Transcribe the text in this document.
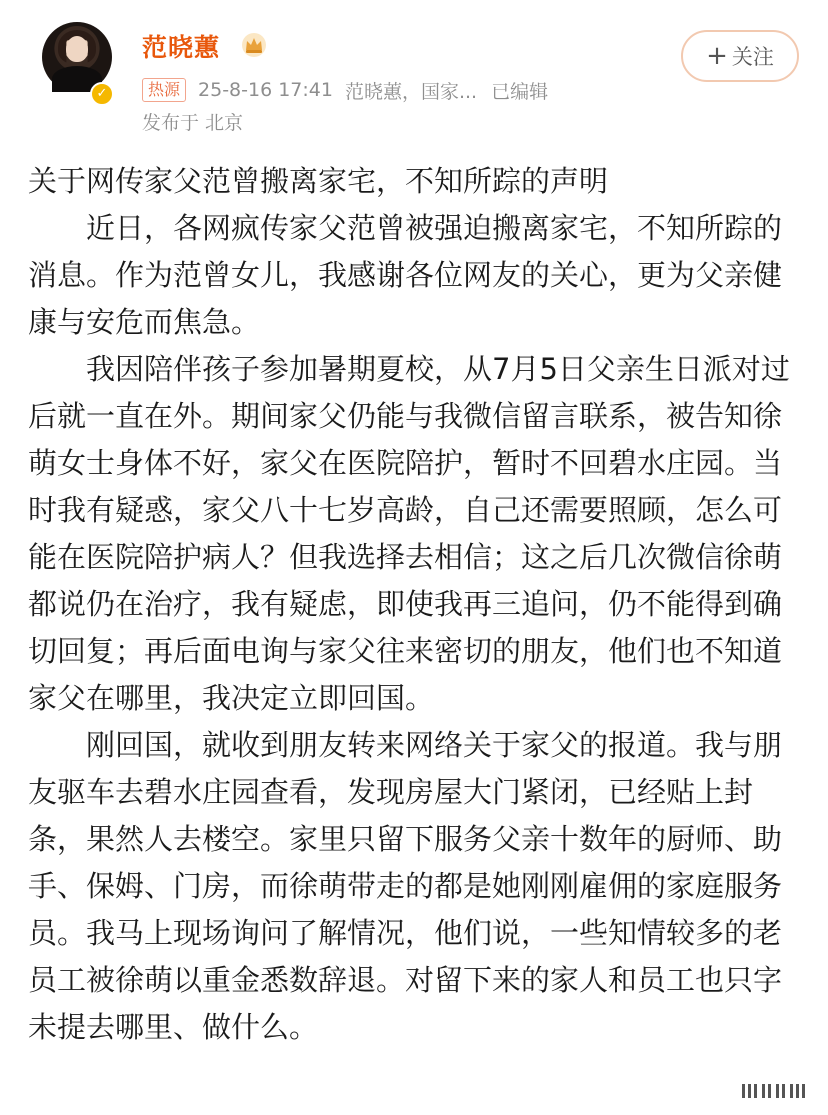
✓
范晓蕙
热源 25-8-16 17:41 范晓蕙，国家... 已编辑
发布于 北京
+ 关注

关于网传家父范曾搬离家宅，不知所踪的声明

近日，各网疯传家父范曾被强迫搬离家宅，不知所踪的消息。作为范曾女儿，我感谢各位网友的关心，更为父亲健康与安危而焦急。

我因陪伴孩子参加暑期夏校，从7月5日父亲生日派对过后就一直在外。期间家父仍能与我微信留言联系，被告知徐萌女士身体不好，家父在医院陪护，暂时不回碧水庄园。当时我有疑惑，家父八十七岁高龄，自己还需要照顾，怎么可能在医院陪护病人？但我选择去相信；这之后几次微信徐萌都说仍在治疗，我有疑虑，即使我再三追问，仍不能得到确切回复；再后面电询与家父往来密切的朋友，他们也不知道家父在哪里，我决定立即回国。

刚回国，就收到朋友转来网络关于家父的报道。我与朋友驱车去碧水庄园查看，发现房屋大门紧闭，已经贴上封条，果然人去楼空。家里只留下服务父亲十数年的厨师、助手、保姆、门房，而徐萌带走的都是她刚刚雇佣的家庭服务员。我马上现场询问了解情况，他们说，一些知情较多的老员工被徐萌以重金悉数辞退。对留下来的家人和员工也只字未提去哪里、做什么。
